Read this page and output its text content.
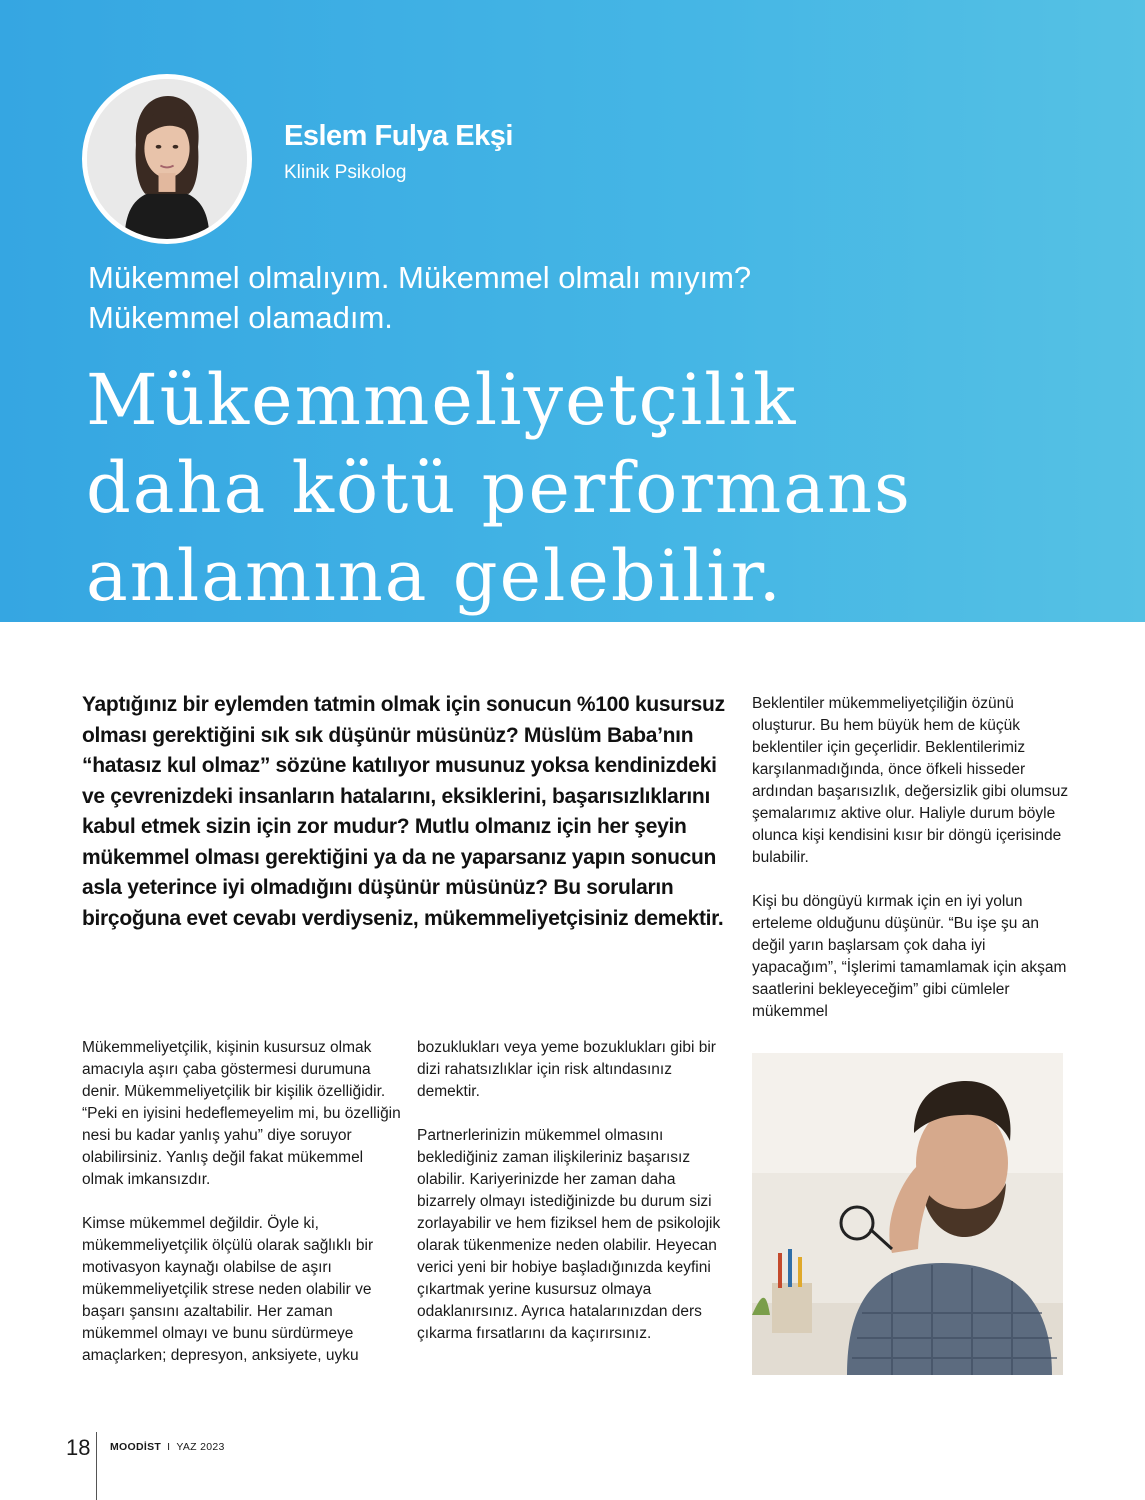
Eslem Fulya Ekşi
Klinik Psikolog
Mükemmel olmalıyım. Mükemmel olmalı mıyım?
Mükemmel olamadım.
Mükemmeliyetçilik
daha kötü performans
anlamına gelebilir.

Yaptığınız bir eylemden tatmin olmak için sonucun %100 kusursuz olması gerektiğini sık sık düşünür müsünüz? Müslüm Baba’nın “hatasız kul olmaz” sözüne katılıyor musunuz yoksa kendinizdeki ve çevrenizdeki insanların hatalarını, eksiklerini, başarısızlıklarını kabul etmek sizin için zor mudur? Mutlu olmanız için her şeyin mükemmel olması gerektiğini ya da ne yaparsanız yapın sonucun asla yeterince iyi olmadığını düşünür müsünüz? Bu soruların birçoğuna evet cevabı verdiyseniz, mükemmeliyetçisiniz demektir.

Mükemmeliyetçilik, kişinin kusursuz olmak amacıyla aşırı çaba göstermesi durumuna denir. Mükemmeliyetçilik bir kişilik özelliğidir. “Peki en iyisini hedeflemeyelim mi, bu özelliğin nesi bu kadar yanlış yahu” diye soruyor olabilirsiniz. Yanlış değil fakat mükemmel olmak imkansızdır.

Kimse mükemmel değildir. Öyle ki, mükemmeliyetçilik ölçülü olarak sağlıklı bir motivasyon kaynağı olabilse de aşırı mükemmeliyetçilik strese neden olabilir ve başarı şansını azaltabilir. Her zaman mükemmel olmayı ve bunu sürdürmeye amaçlarken; depresyon, anksiyete, uyku

bozuklukları veya yeme bozuklukları gibi bir dizi rahatsızlıklar için risk altındasınız demektir.

Partnerlerinizin mükemmel olmasını beklediğiniz zaman ilişkileriniz başarısız olabilir. Kariyerinizde her zaman daha bizarrely olmayı istediğinizde bu durum sizi zorlayabilir ve hem fiziksel hem de psikolojik olarak tükenmenize neden olabilir. Heyecan verici yeni bir hobiye başladığınızda keyfini çıkartmak yerine kusursuz olmaya odaklanırsınız. Ayrıca hatalarınızdan ders çıkarma fırsatlarını da kaçırırsınız.

Beklentiler mükemmeliyetçiliğin özünü oluşturur. Bu hem büyük hem de küçük beklentiler için geçerlidir. Beklentilerimiz karşılanmadığında, önce öfkeli hisseder ardından başarısızlık, değersizlik gibi olumsuz şemalarımız aktive olur. Haliyle durum böyle olunca kişi kendisini kısır bir döngü içerisinde bulabilir.

Kişi bu döngüyü kırmak için en iyi yolun erteleme olduğunu düşünür. “Bu işe şu an değil yarın başlarsam çok daha iyi yapacağım”, “İşlerimi tamamlamak için akşam saatlerini bekleyeceğim” gibi cümleler mükemmel

18 MOODİST I YAZ 2023
